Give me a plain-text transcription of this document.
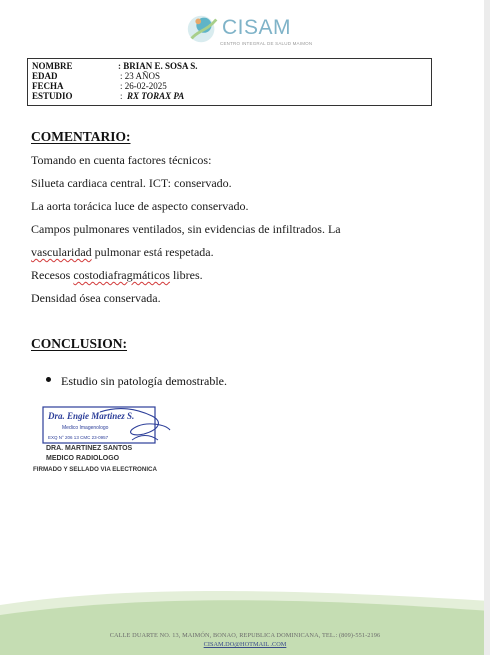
CISAM
CENTRO INTEGRAL DE SALUD MAIMON
NOMBRE	: BRIAN E. SOSA S.
EDAD	: 23 AÑOS
FECHA	: 26-02-2025
ESTUDIO	: RX TORAX PA
COMENTARIO:
Tomando en cuenta factores técnicos:
Silueta cardiaca central. ICT: conservado.
La aorta torácica luce de aspecto conservado.
Campos pulmonares ventilados, sin evidencias de infiltrados. La
vascularidad pulmonar está respetada.
Recesos costodiafragmáticos libres.
Densidad ósea conservada.
CONCLUSION:
Estudio sin patología demostrable.
Dra. Engie Martinez S.
Medico Imagenologo
EXQ N° 206 13 CMC 23-0957
DRA. MARTINEZ SANTOS
MEDICO RADIOLOGO
FIRMADO Y SELLADO VIA ELECTRONICA
CALLE DUARTE NO. 13, MAIMÓN, BONAO, REPUBLICA DOMINICANA, TEL.: (809)-551-2196
CISAM.DO@HOTMAIL .COM
